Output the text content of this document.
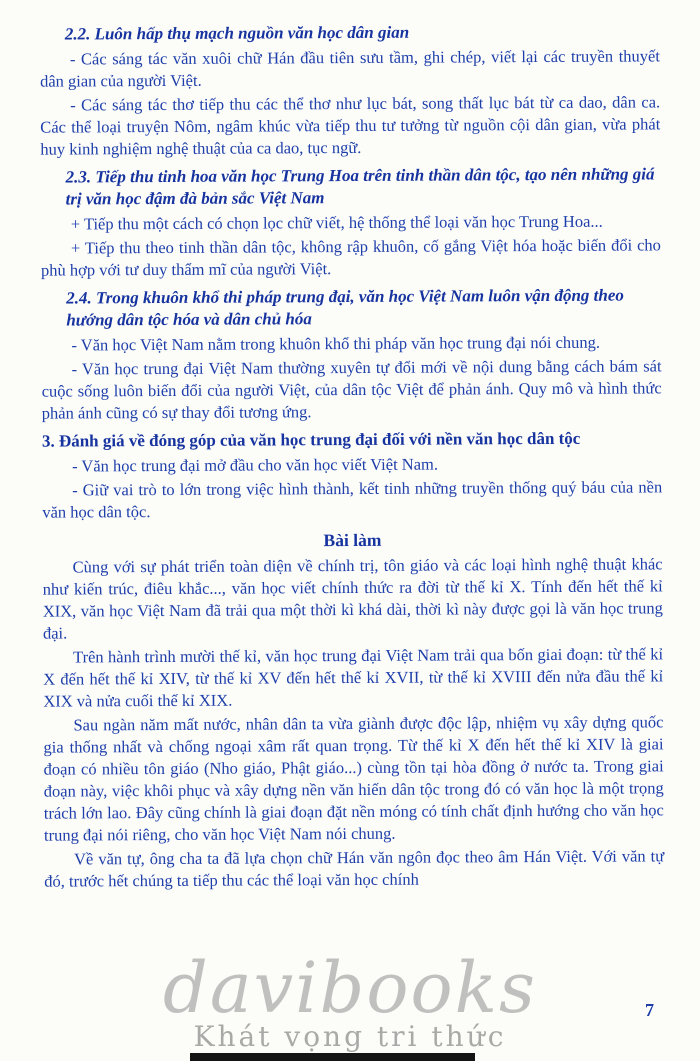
2.2. Luôn hấp thụ mạch nguồn văn học dân gian

- Các sáng tác văn xuôi chữ Hán đầu tiên sưu tầm, ghi chép, viết lại các truyền thuyết dân gian của người Việt.

- Các sáng tác thơ tiếp thu các thể thơ như lục bát, song thất lục bát từ ca dao, dân ca. Các thể loại truyện Nôm, ngâm khúc vừa tiếp thu tư tưởng từ nguồn cội dân gian, vừa phát huy kinh nghiệm nghệ thuật của ca dao, tục ngữ.

2.3. Tiếp thu tinh hoa văn học Trung Hoa trên tinh thần dân tộc, tạo nên những giá trị văn học đậm đà bản sắc Việt Nam

+ Tiếp thu một cách có chọn lọc chữ viết, hệ thống thể loại văn học Trung Hoa...

+ Tiếp thu theo tinh thần dân tộc, không rập khuôn, cố gắng Việt hóa hoặc biến đổi cho phù hợp với tư duy thẩm mĩ của người Việt.

2.4. Trong khuôn khổ thi pháp trung đại, văn học Việt Nam luôn vận động theo hướng dân tộc hóa và dân chủ hóa

- Văn học Việt Nam nằm trong khuôn khổ thi pháp văn học trung đại nói chung.

- Văn học trung đại Việt Nam thường xuyên tự đổi mới về nội dung bằng cách bám sát cuộc sống luôn biến đổi của người Việt, của dân tộc Việt để phản ánh. Quy mô và hình thức phản ánh cũng có sự thay đổi tương ứng.

3. Đánh giá về đóng góp của văn học trung đại đối với nền văn học dân tộc

- Văn học trung đại mở đầu cho văn học viết Việt Nam.

- Giữ vai trò to lớn trong việc hình thành, kết tinh những truyền thống quý báu của nền văn học dân tộc.

Bài làm

Cùng với sự phát triển toàn diện về chính trị, tôn giáo và các loại hình nghệ thuật khác như kiến trúc, điêu khắc..., văn học viết chính thức ra đời từ thế kỉ X. Tính đến hết thế kỉ XIX, văn học Việt Nam đã trải qua một thời kì khá dài, thời kì này được gọi là văn học trung đại.

Trên hành trình mười thế kỉ, văn học trung đại Việt Nam trải qua bốn giai đoạn: từ thế kỉ X đến hết thế kỉ XIV, từ thế kỉ XV đến hết thế kỉ XVII, từ thế kỉ XVIII đến nửa đầu thế kỉ XIX và nửa cuối thế kỉ XIX.

Sau ngàn năm mất nước, nhân dân ta vừa giành được độc lập, nhiệm vụ xây dựng quốc gia thống nhất và chống ngoại xâm rất quan trọng. Từ thế kỉ X đến hết thế kỉ XIV là giai đoạn có nhiều tôn giáo (Nho giáo, Phật giáo...) cùng tồn tại hòa đồng ở nước ta. Trong giai đoạn này, việc khôi phục và xây dựng nền văn hiến dân tộc trong đó có văn học là một trọng trách lớn lao. Đây cũng chính là giai đoạn đặt nền móng có tính chất định hướng cho văn học trung đại nói riêng, cho văn học Việt Nam nói chung.

Về văn tự, ông cha ta đã lựa chọn chữ Hán văn ngôn đọc theo âm Hán Việt. Với văn tự đó, trước hết chúng ta tiếp thu các thể loại văn học chính

davibooks
Khát vọng tri thức
7
